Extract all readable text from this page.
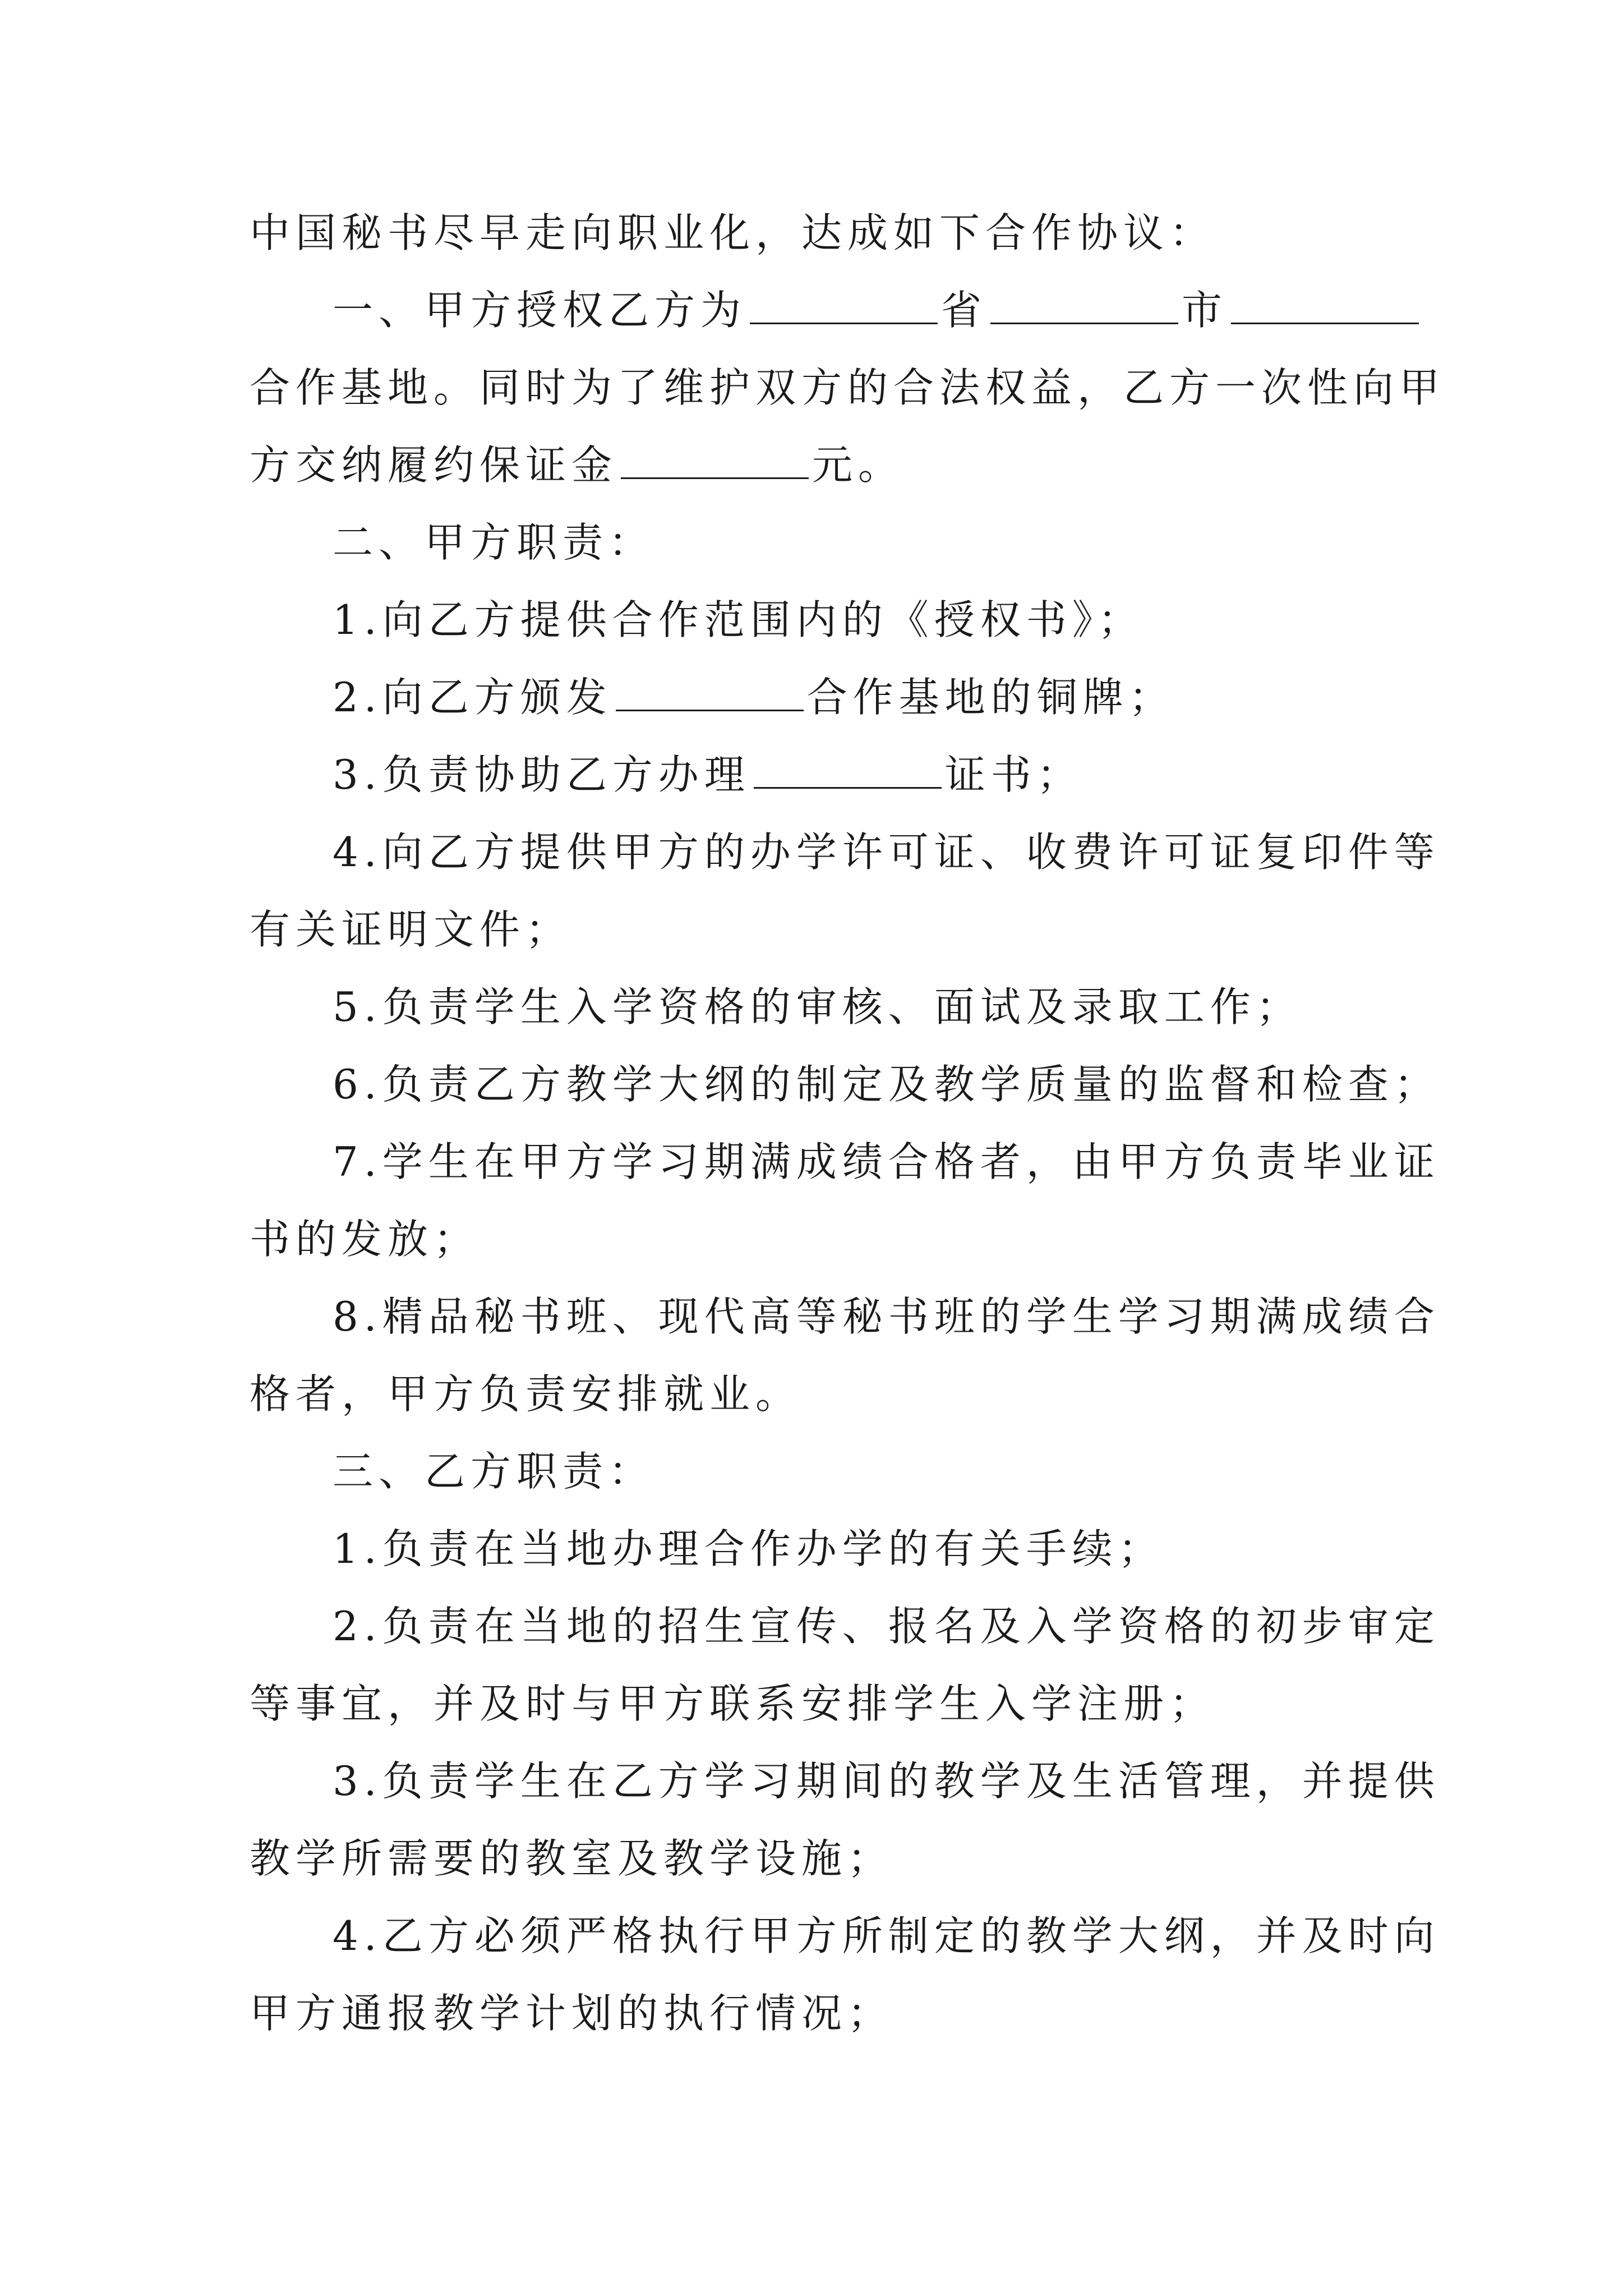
中国秘书尽早走向职业化，达成如下合作协议：
一、甲方授权乙方为	省	市
合作基地。同时为了维护双方的合法权益，乙方一次性向甲
方交纳履约保证金	元。
二、甲方职责：
1.向乙方提供合作范围内的《授权书》；
2.向乙方颁发	合作基地的铜牌；
3.负责协助乙方办理	证书；
4.向乙方提供甲方的办学许可证、收费许可证复印件等
有关证明文件；
5.负责学生入学资格的审核、面试及录取工作；
6.负责乙方教学大纲的制定及教学质量的监督和检查；
7.学生在甲方学习期满成绩合格者，由甲方负责毕业证
书的发放；
8.精品秘书班、现代高等秘书班的学生学习期满成绩合
格者，甲方负责安排就业。
三、乙方职责：
1.负责在当地办理合作办学的有关手续；
2.负责在当地的招生宣传、报名及入学资格的初步审定
等事宜，并及时与甲方联系安排学生入学注册；
3.负责学生在乙方学习期间的教学及生活管理，并提供
教学所需要的教室及教学设施；
4.乙方必须严格执行甲方所制定的教学大纲，并及时向
甲方通报教学计划的执行情况；
